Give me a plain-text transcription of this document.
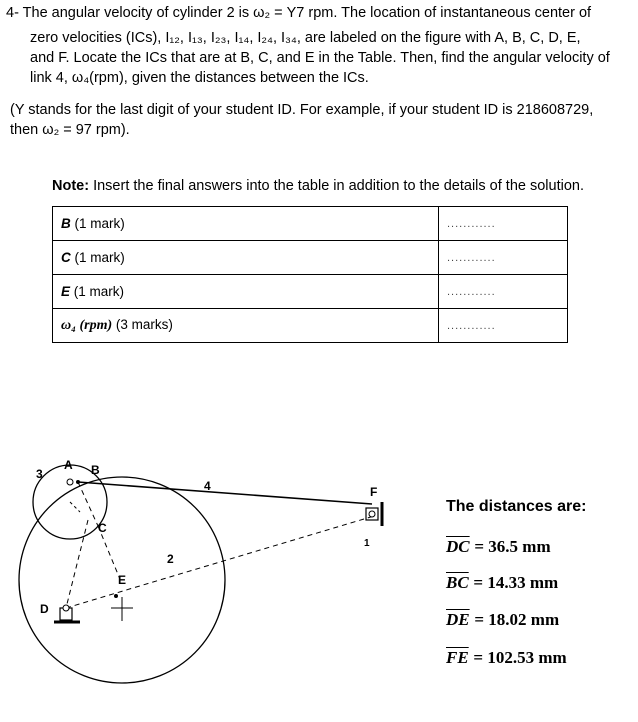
4- The angular velocity of cylinder 2 is ω₂ = Y7 rpm. The location of instantaneous center of
zero velocities (ICs), I₁₂, I₁₃, I₂₃, I₁₄, I₂₄, I₃₄, are labeled on the figure with A, B, C, D, E,
and F. Locate the ICs that are at B, C, and E in the Table. Then, find the angular velocity of
link 4, ω₄(rpm), given the distances between the ICs.
(Y stands for the last digit of your student ID. For example, if your student ID is 218608729,
then ω₂ = 97 rpm).
Note: Insert the final answers into the table in addition to the details of the solution.
B (1 mark)	............
C (1 mark)	............
E (1 mark)	............
ω₄ (rpm) (3 marks)	............
A B
3
C
D
E
F
4
2
1
The distances are:
$\overline{DC} = 36.5$ mm
$\overline{BC} = 14.33$ mm
$\overline{DE} = 18.02$ mm
$\overline{FE} = 102.53$ mm
